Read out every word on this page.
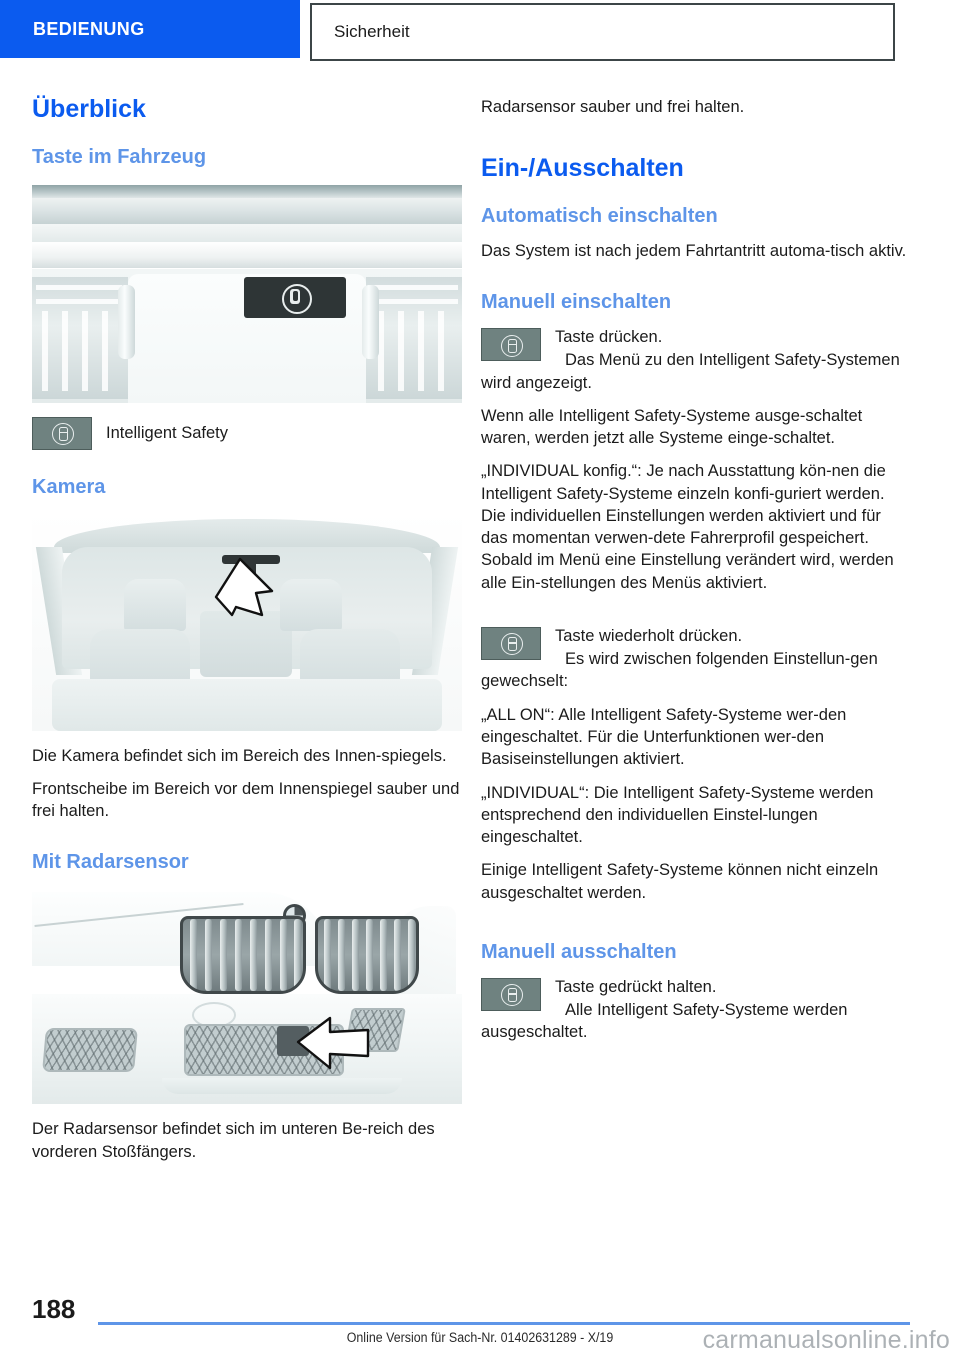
BEDIENUNG	Sicherheit
Überblick
Taste im Fahrzeug
Intelligent Safety
Kamera

Die Kamera befindet sich im Bereich des Innen-spiegels.

Frontscheibe im Bereich vor dem Innenspiegel sauber und frei halten.

Mit Radarsensor

Der Radarsensor befindet sich im unteren Be-reich des vorderen Stoßfängers.

Radarsensor sauber und frei halten.

Ein-/Ausschalten
Automatisch einschalten

Das System ist nach jedem Fahrtantritt automa-tisch aktiv.

Manuell einschalten
Taste drücken.
Das Menü zu den Intelligent Safety-Systemen wird angezeigt.

Wenn alle Intelligent Safety-Systeme ausge-schaltet waren, werden jetzt alle Systeme einge-schaltet.

„INDIVIDUAL konfig.“: Je nach Ausstattung kön-nen die Intelligent Safety-Systeme einzeln konfi-guriert werden. Die individuellen Einstellungen werden aktiviert und für das momentan verwen-dete Fahrerprofil gespeichert. Sobald im Menü eine Einstellung verändert wird, werden alle Ein-stellungen des Menüs aktiviert.

Taste wiederholt drücken.
Es wird zwischen folgenden Einstellun-gen gewechselt:

„ALL ON“: Alle Intelligent Safety-Systeme wer-den eingeschaltet. Für die Unterfunktionen wer-den Basiseinstellungen aktiviert.

„INDIVIDUAL“: Die Intelligent Safety-Systeme werden entsprechend den individuellen Einstel-lungen eingeschaltet.

Einige Intelligent Safety-Systeme können nicht einzeln ausgeschaltet werden.

Manuell ausschalten
Taste gedrückt halten.
Alle Intelligent Safety-Systeme werden ausgeschaltet.
188
Online Version für Sach-Nr. 01402631289 - X/19	carmanualsonline.info
